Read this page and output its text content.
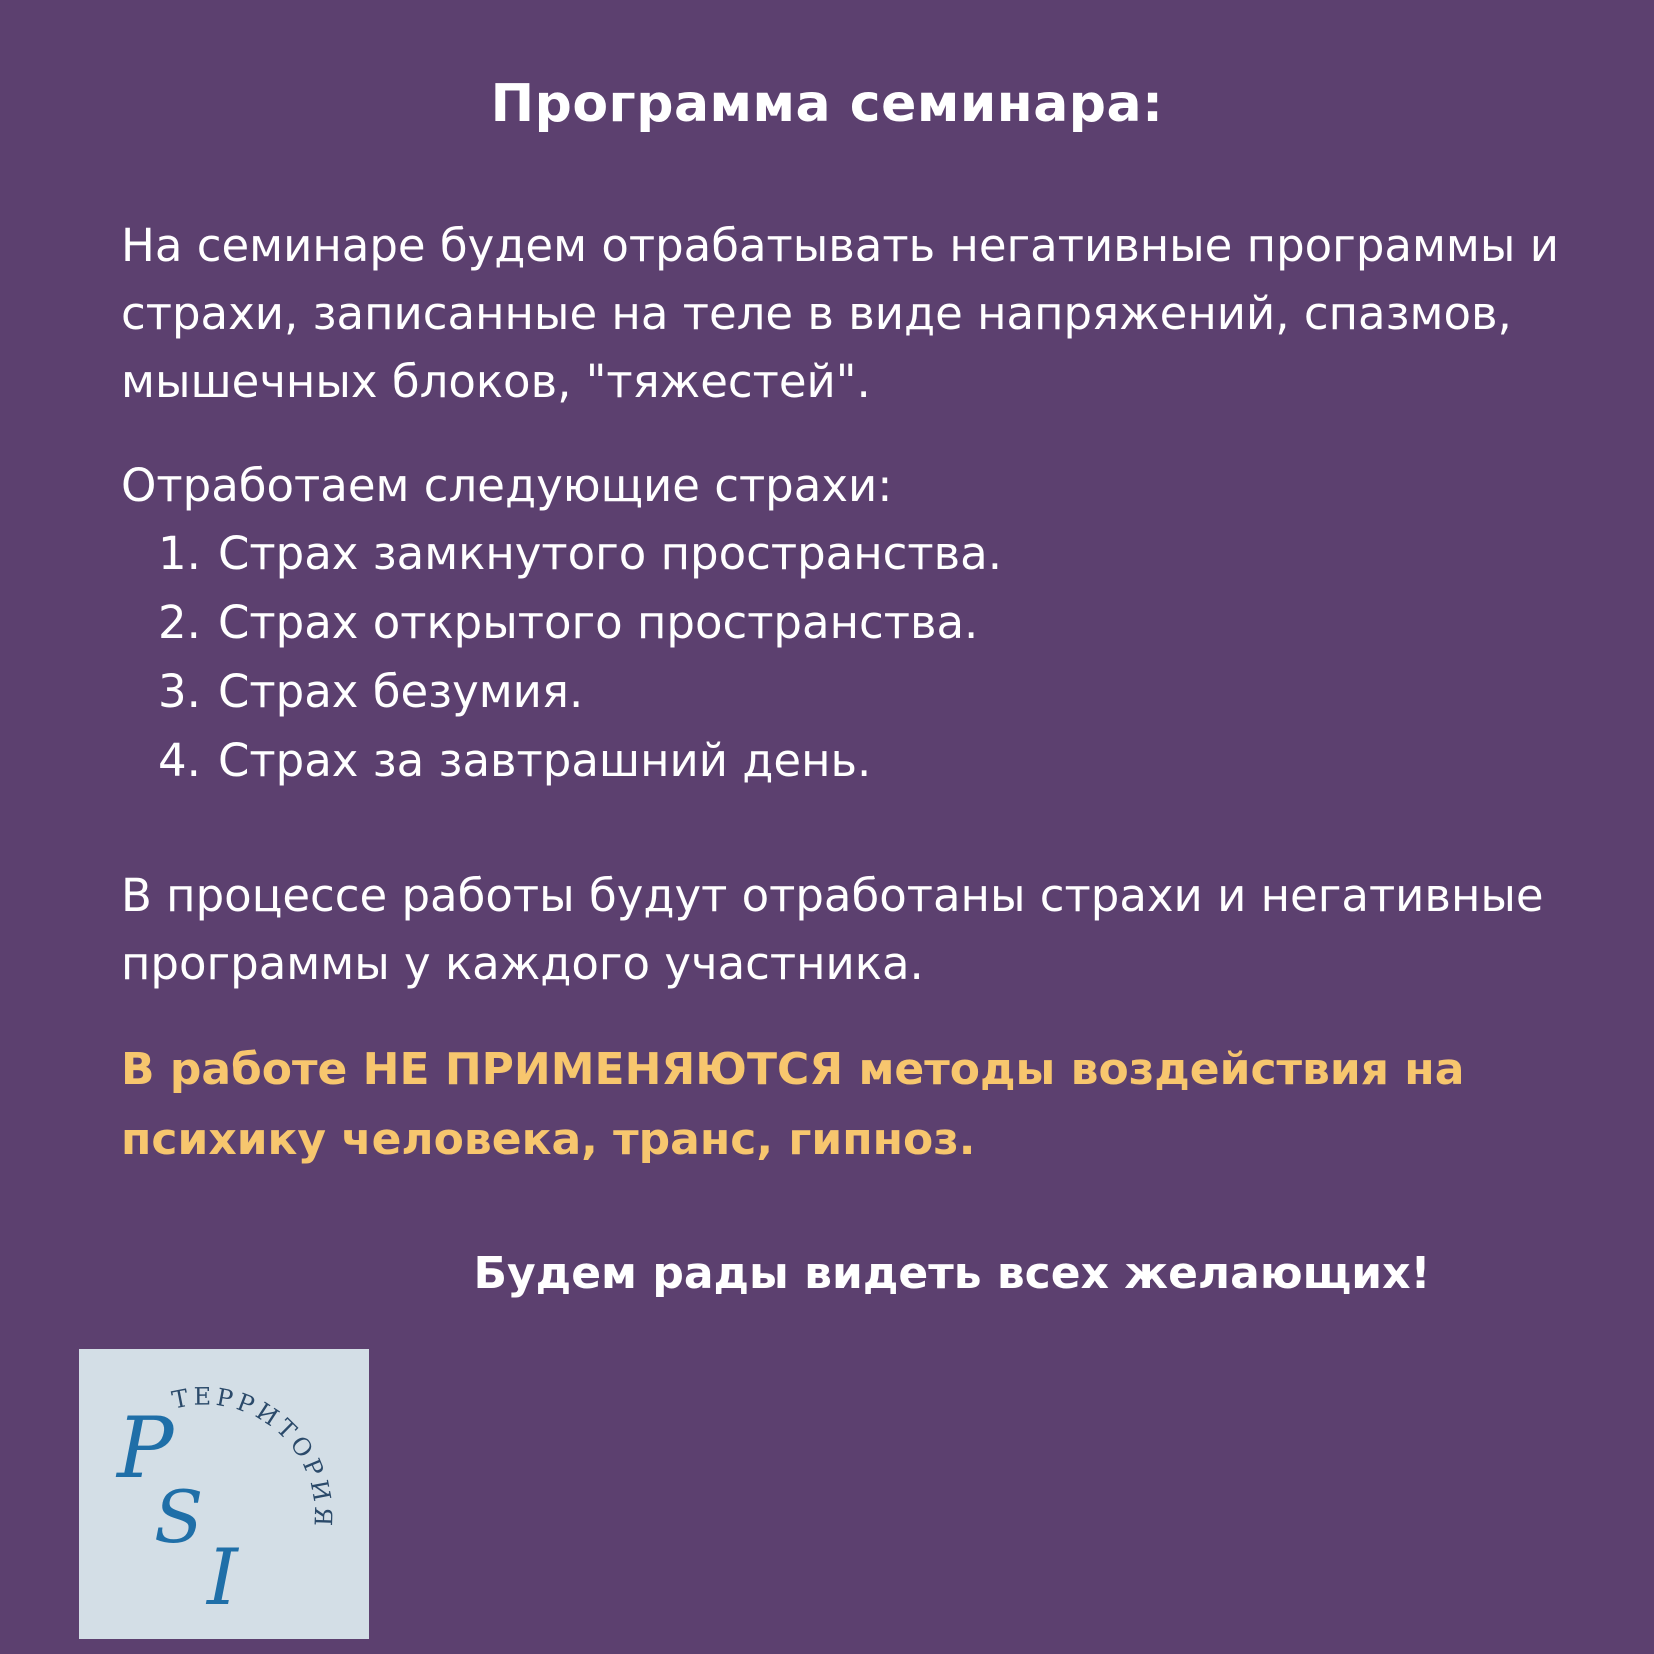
Программа семинара:
На семинаре будем отрабатывать негативные программы и страхи, записанные на теле в виде напряжений, спазмов, мышечных блоков, "тяжестей".
Отработаем следующие страхи:
1. Страх замкнутого пространства.
2. Страх открытого пространства.
3. Страх безумия.
4. Страх за завтрашний день.
В процессе работы будут отработаны страхи и негативные программы у каждого участника.
В работе НЕ ПРИМЕНЯЮТСЯ методы воздействия на психику человека, транс, гипноз.
Будем рады видеть всех желающих!
ТЕРРИТОРИЯ
P
S
I
